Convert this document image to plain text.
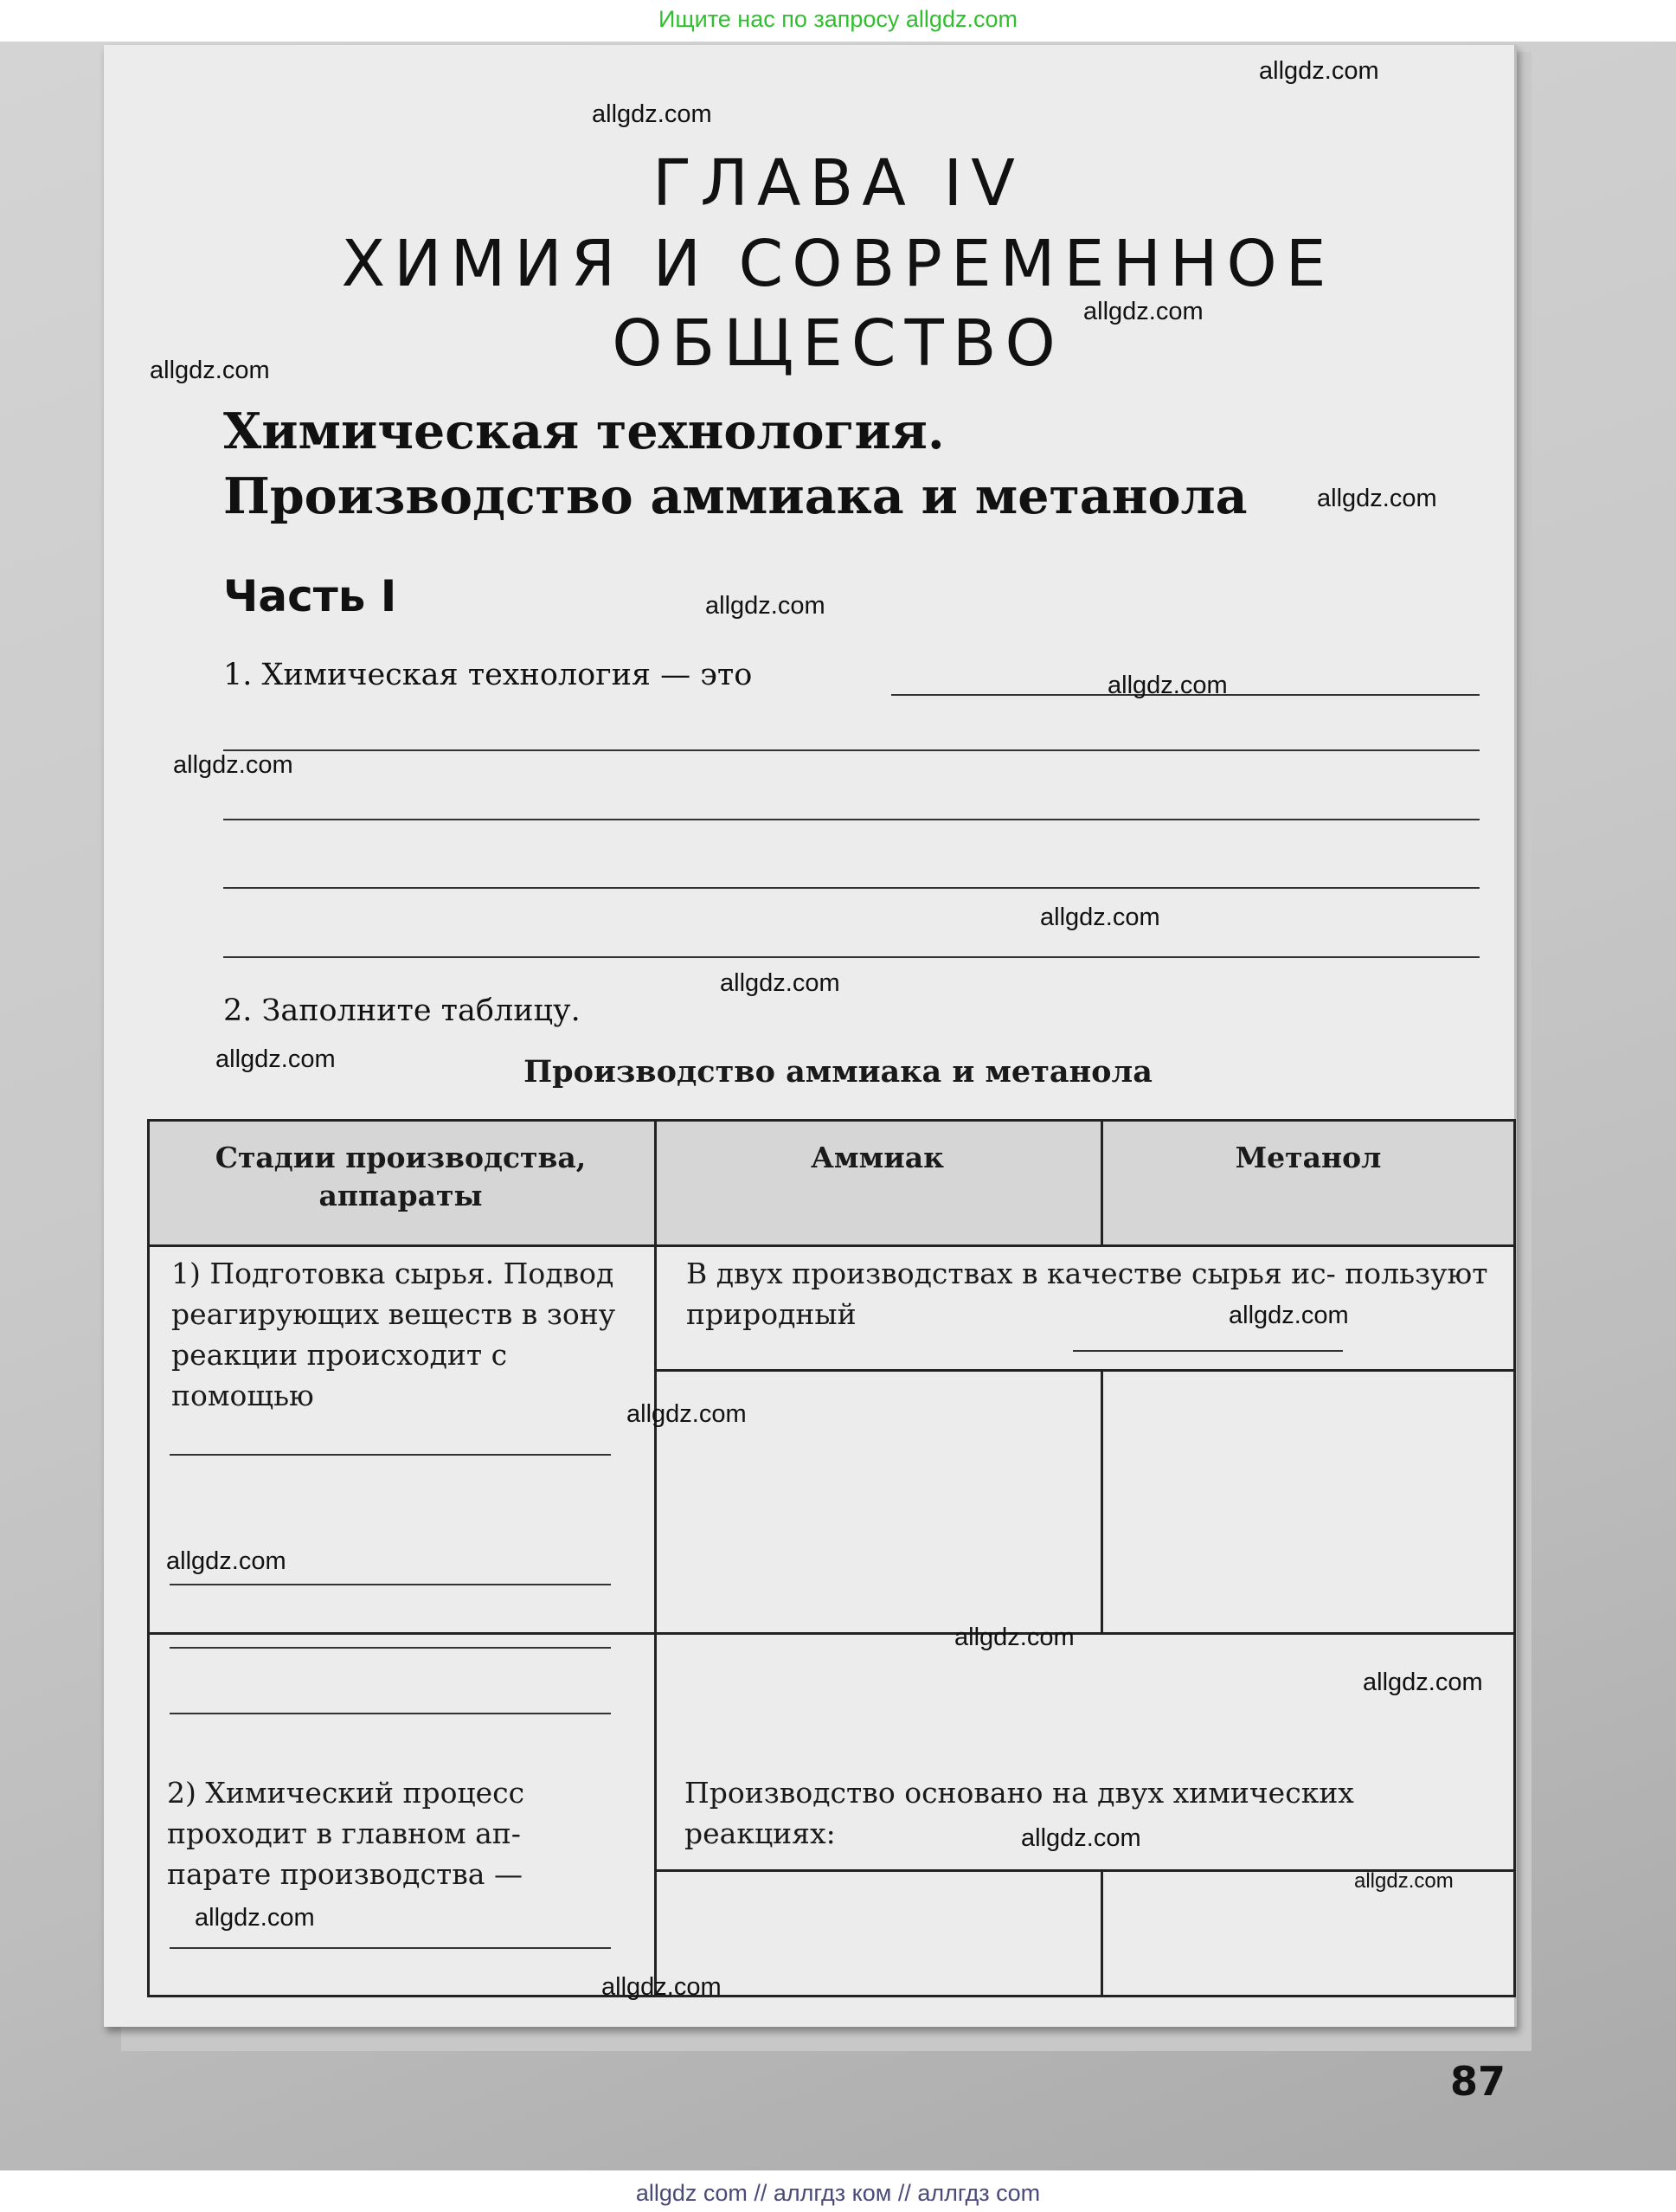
Ищите нас по запросу allgdz.com
ГЛАВА IV
ХИМИЯ И СОВРЕМЕННОЕ
ОБЩЕСТВО
Химическая технология.
Производство аммиака и метанола
Часть I
1. Химическая технология — это
2. Заполните таблицу.
Производство аммиака и метанола
Стадии производства, аппараты
Аммиак	Метанол
1) Подготовка сырья. Подвод реагирующих веществ в зону реакции происходит с помощью
В двух производствах в качестве сырья ис- пользуют природный
2) Химический процесс проходит в главном ап- парате производства —
Производство основано на двух химических реакциях:
allgdz.com
allgdz.com
allgdz.com
allgdz.com
allgdz.com
allgdz.com
allgdz.com
allgdz.com
allgdz.com
allgdz.com
allgdz.com
allgdz.com
allgdz.com
allgdz.com
allgdz.com
allgdz.com
allgdz.com
allgdz.com
allgdz.com
allgdz.com
87
allgdz com // аллгдз ком // аллгдз com
